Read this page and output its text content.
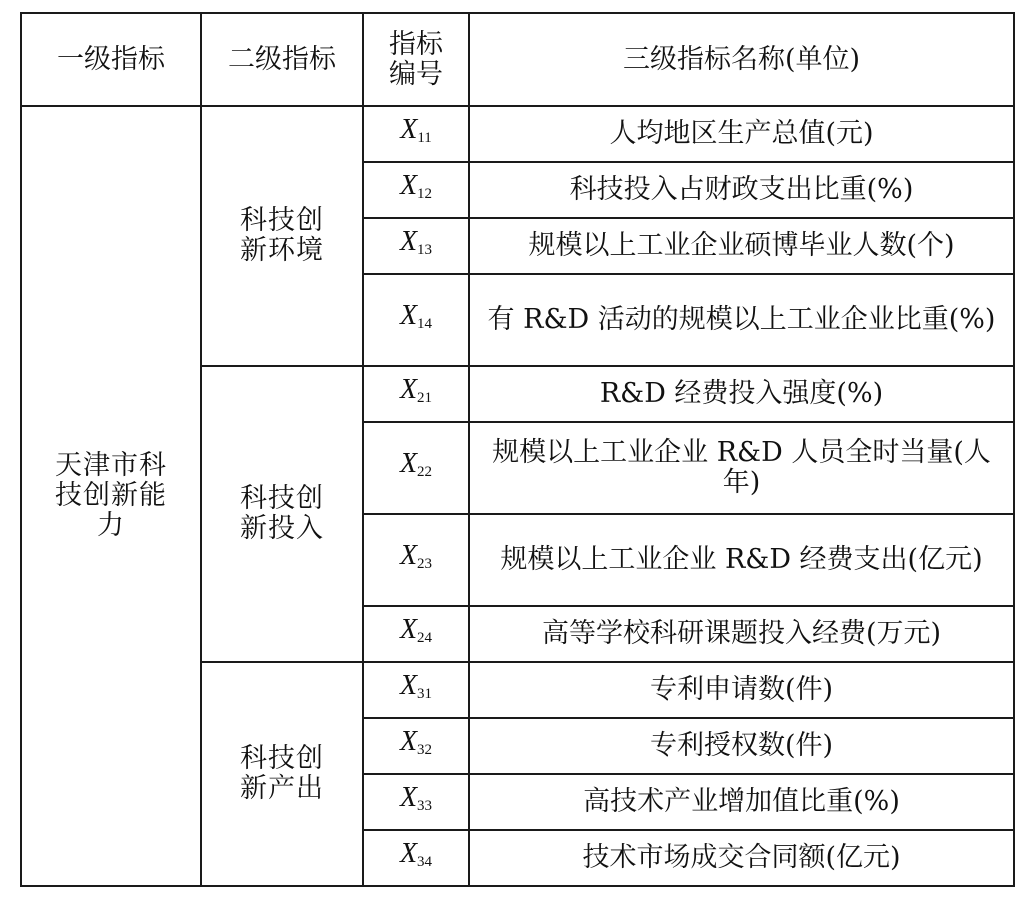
一级指标	二级指标	指标编号	三级指标名称(单位)

天津市科技创新能力	科技创新环境	$X_{11}$	人均地区生产总值(元)
		$X_{12}$	科技投入占财政支出比重(%)
		$X_{13}$	规模以上工业企业硕博毕业人数(个)
		$X_{14}$	有 R&D 活动的规模以上工业企业比重(%)

	科技创新投入	$X_{21}$	R&D 经费投入强度(%)
		$X_{22}$	规模以上工业企业 R&D 人员全时当量(人年)
		$X_{23}$	规模以上工业企业 R&D 经费支出(亿元)
		$X_{24}$	高等学校科研课题投入经费(万元)

	科技创新产出	$X_{31}$	专利申请数(件)
		$X_{32}$	专利授权数(件)
		$X_{33}$	高技术产业增加值比重(%)
		$X_{34}$	技术市场成交合同额(亿元)
